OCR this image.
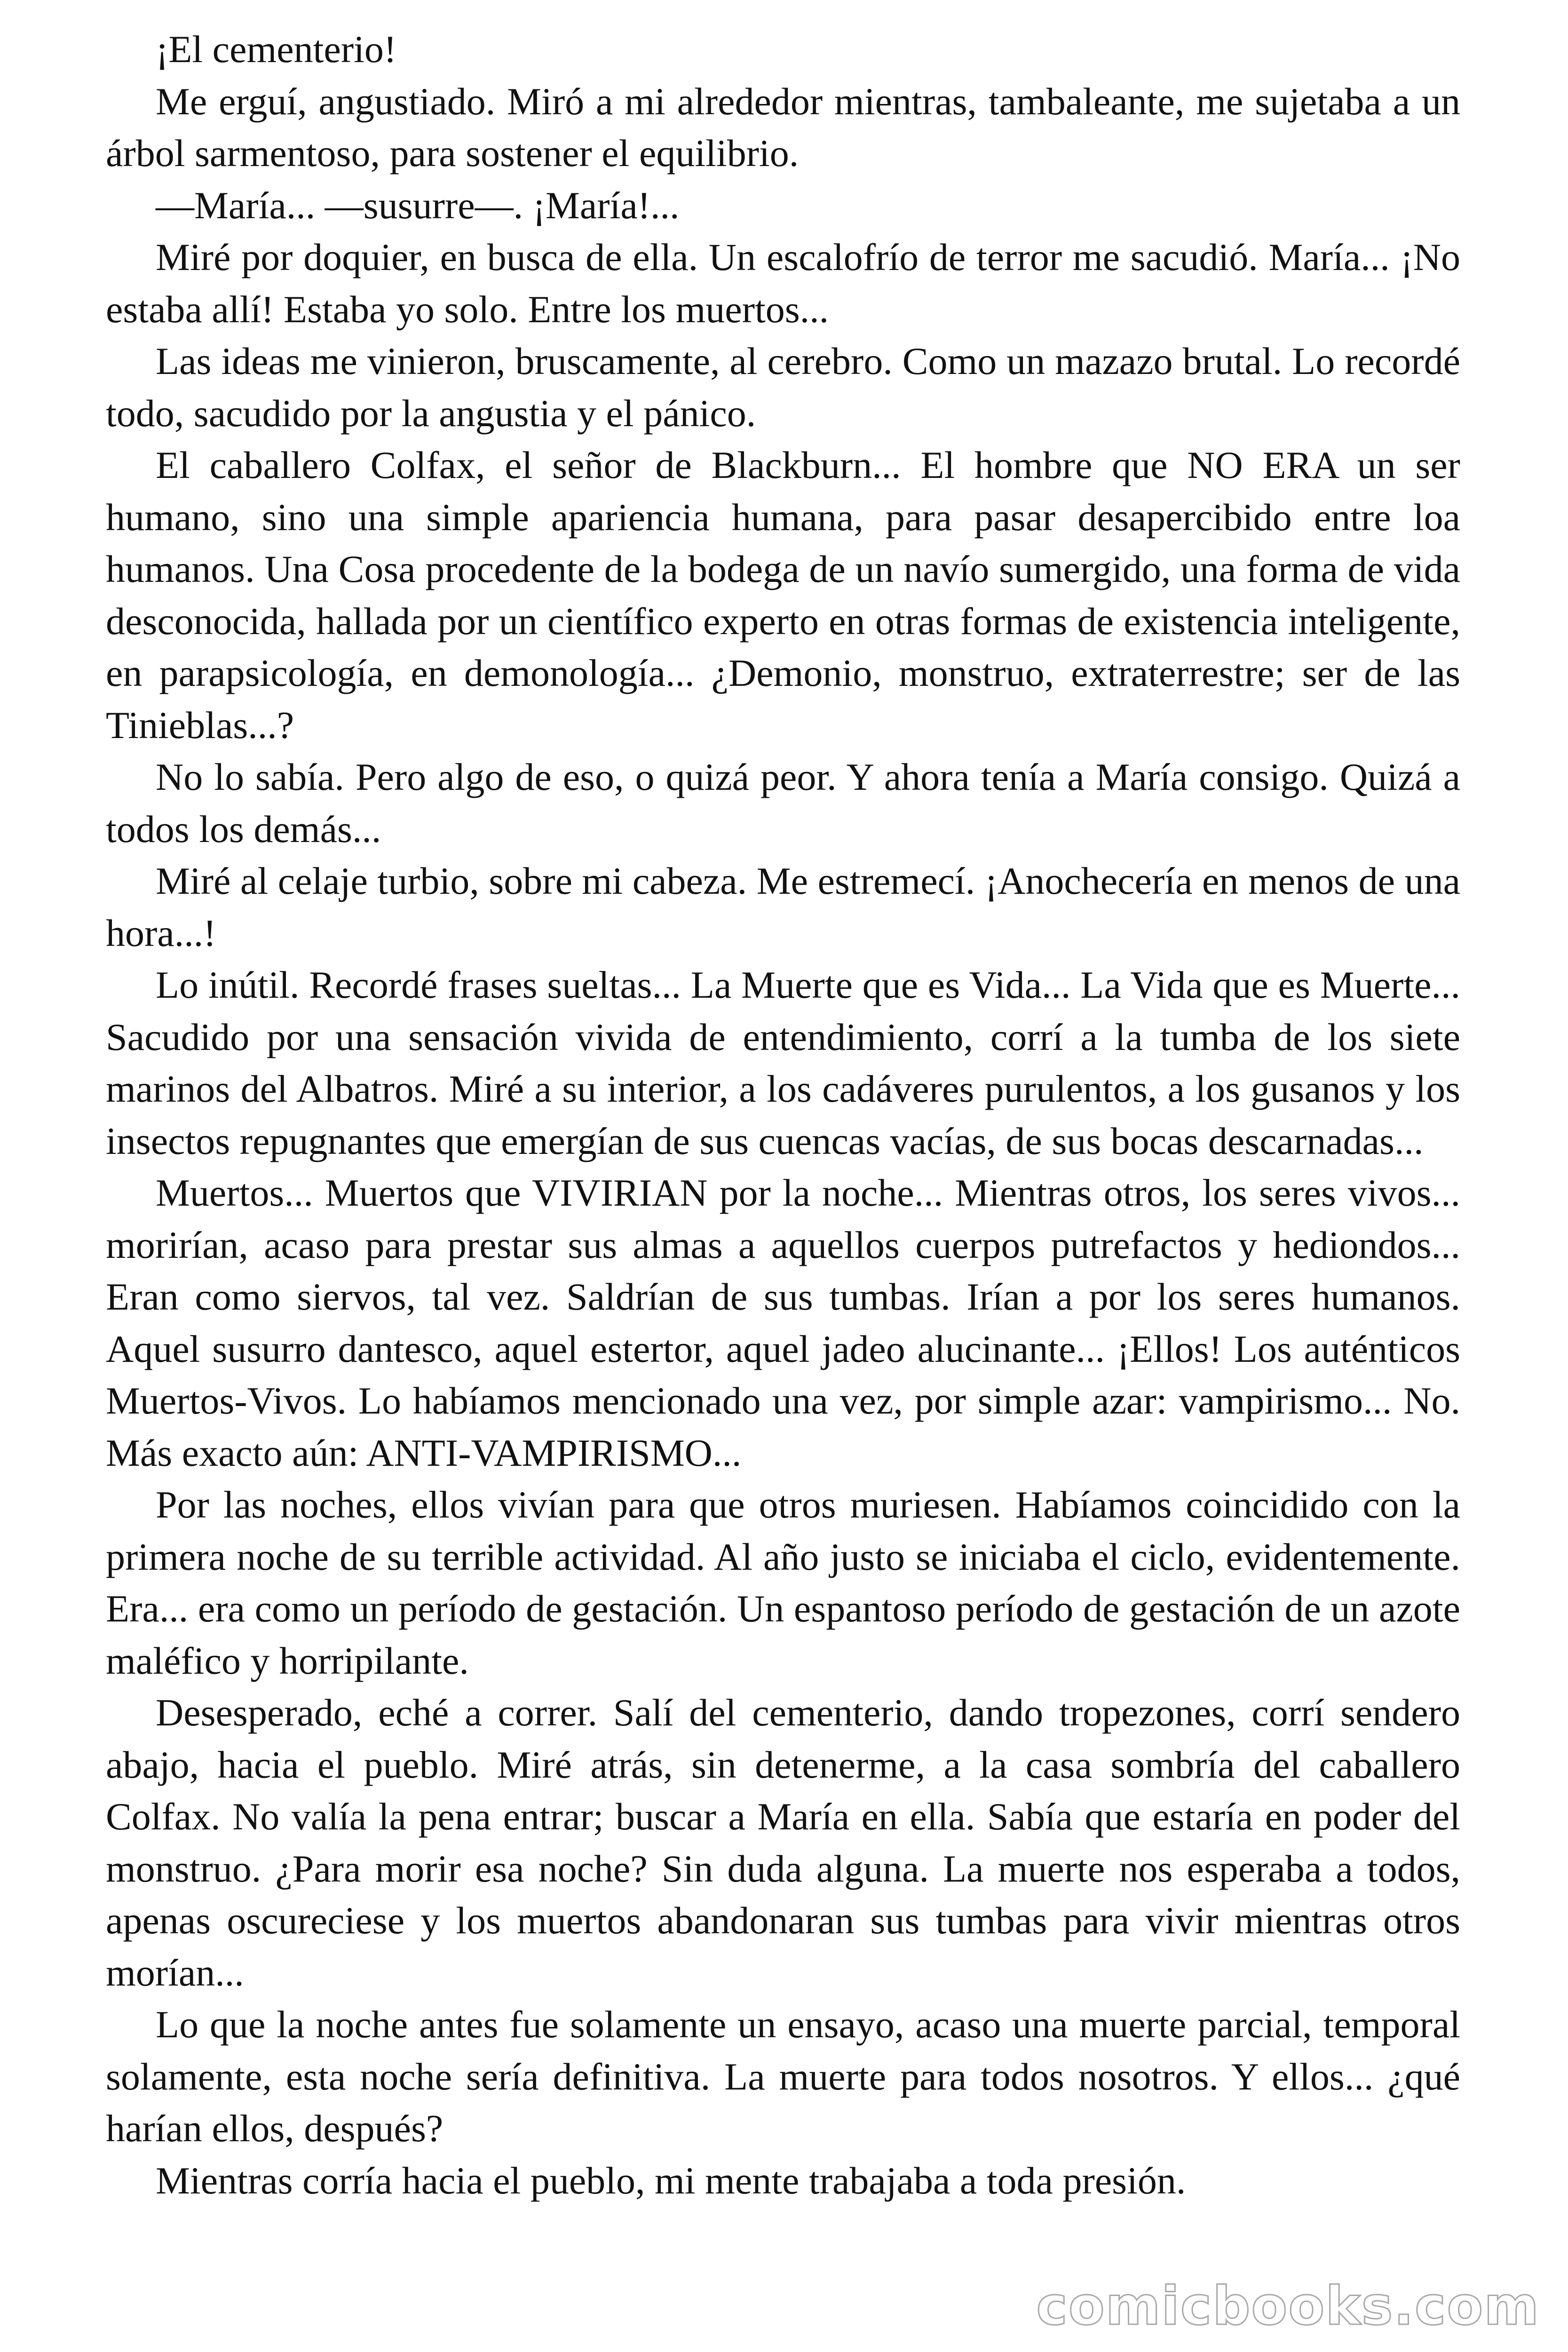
¡El cementerio!

Me erguí, angustiado. Miró a mi alrededor mientras, tambaleante, me sujetaba a un árbol sarmentoso, para sostener el equilibrio.

—María... —susurre—. ¡María!...

Miré por doquier, en busca de ella. Un escalofrío de terror me sacudió. María... ¡No estaba allí! Estaba yo solo. Entre los muertos...

Las ideas me vinieron, bruscamente, al cerebro. Como un mazazo brutal. Lo recordé todo, sacudido por la angustia y el pánico.

El caballero Colfax, el señor de Blackburn... El hombre que NO ERA un ser humano, sino una simple apariencia humana, para pasar desapercibido entre loa humanos. Una Cosa procedente de la bodega de un navío sumergido, una forma de vida desconocida, hallada por un científico experto en otras formas de existencia inteligente, en parapsicología, en demonología... ¿Demonio, monstruo, extraterrestre; ser de las Tinieblas...?

No lo sabía. Pero algo de eso, o quizá peor. Y ahora tenía a María consigo. Quizá a todos los demás...

Miré al celaje turbio, sobre mi cabeza. Me estremecí. ¡Anochecería en menos de una hora...!

Lo inútil. Recordé frases sueltas... La Muerte que es Vida... La Vida que es Muerte... Sacudido por una sensación vivida de entendimiento, corrí a la tumba de los siete marinos del Albatros. Miré a su interior, a los cadáveres purulentos, a los gusanos y los insectos repugnantes que emergían de sus cuencas vacías, de sus bocas descarnadas...

Muertos... Muertos que VIVIRIAN por la noche... Mientras otros, los seres vivos... morirían, acaso para prestar sus almas a aquellos cuerpos putrefactos y hediondos... Eran como siervos, tal vez. Saldrían de sus tumbas. Irían a por los seres humanos. Aquel susurro dantesco, aquel estertor, aquel jadeo alucinante... ¡Ellos! Los auténticos Muertos-Vivos. Lo habíamos mencionado una vez, por simple azar: vampirismo... No. Más exacto aún: ANTI-VAMPIRISMO...

Por las noches, ellos vivían para que otros muriesen. Habíamos coincidido con la primera noche de su terrible actividad. Al año justo se iniciaba el ciclo, evidentemente. Era... era como un período de gestación. Un espantoso período de gestación de un azote maléfico y horripilante.

Desesperado, eché a correr. Salí del cementerio, dando tropezones, corrí sendero abajo, hacia el pueblo. Miré atrás, sin detenerme, a la casa sombría del caballero Colfax. No valía la pena entrar; buscar a María en ella. Sabía que estaría en poder del monstruo. ¿Para morir esa noche? Sin duda alguna. La muerte nos esperaba a todos, apenas oscureciese y los muertos abandonaran sus tumbas para vivir mientras otros morían...

Lo que la noche antes fue solamente un ensayo, acaso una muerte parcial, temporal solamente, esta noche sería definitiva. La muerte para todos nosotros. Y ellos... ¿qué harían ellos, después?

Mientras corría hacia el pueblo, mi mente trabajaba a toda presión.

comicbooks.com
